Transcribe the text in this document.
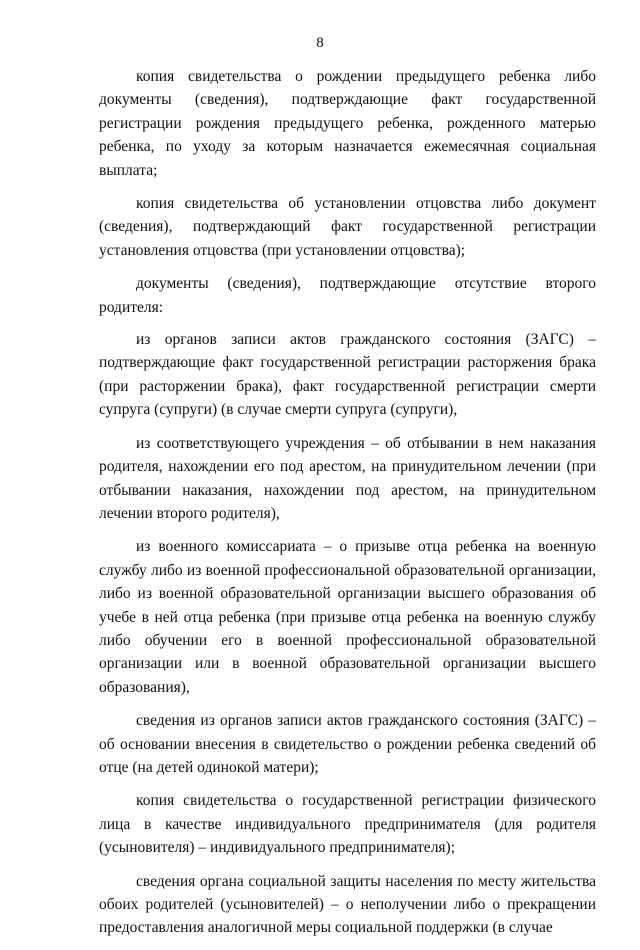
8

копия свидетельства о рождении предыдущего ребенка либо документы (сведения), подтверждающие факт государственной регистрации рождения предыдущего ребенка, рожденного матерью ребенка, по уходу за которым назначается ежемесячная социальная выплата;

копия свидетельства об установлении отцовства либо документ (сведения), подтверждающий факт государственной регистрации установления отцовства (при установлении отцовства);

документы (сведения), подтверждающие отсутствие второго родителя:

из органов записи актов гражданского состояния (ЗАГС) – подтверждающие факт государственной регистрации расторжения брака (при расторжении брака), факт государственной регистрации смерти супруга (супруги) (в случае смерти супруга (супруги),

из соответствующего учреждения – об отбывании в нем наказания родителя, нахождении его под арестом, на принудительном лечении (при отбывании наказания, нахождении под арестом, на принудительном лечении второго родителя),

из военного комиссариата – о призыве отца ребенка на военную службу либо из военной профессиональной образовательной организации, либо из военной образовательной организации высшего образования об учебе в ней отца ребенка (при призыве отца ребенка на военную службу либо обучении его в военной профессиональной образовательной организации или в военной образовательной организации высшего образования),

сведения из органов записи актов гражданского состояния (ЗАГС) – об основании внесения в свидетельство о рождении ребенка сведений об отце (на детей одинокой матери);

копия свидетельства о государственной регистрации физического лица в качестве индивидуального предпринимателя (для родителя (усыновителя) – индивидуального предпринимателя);

сведения органа социальной защиты населения по месту жительства обоих родителей (усыновителей) – о неполучении либо о прекращении предоставления аналогичной меры социальной поддержки (в случае
